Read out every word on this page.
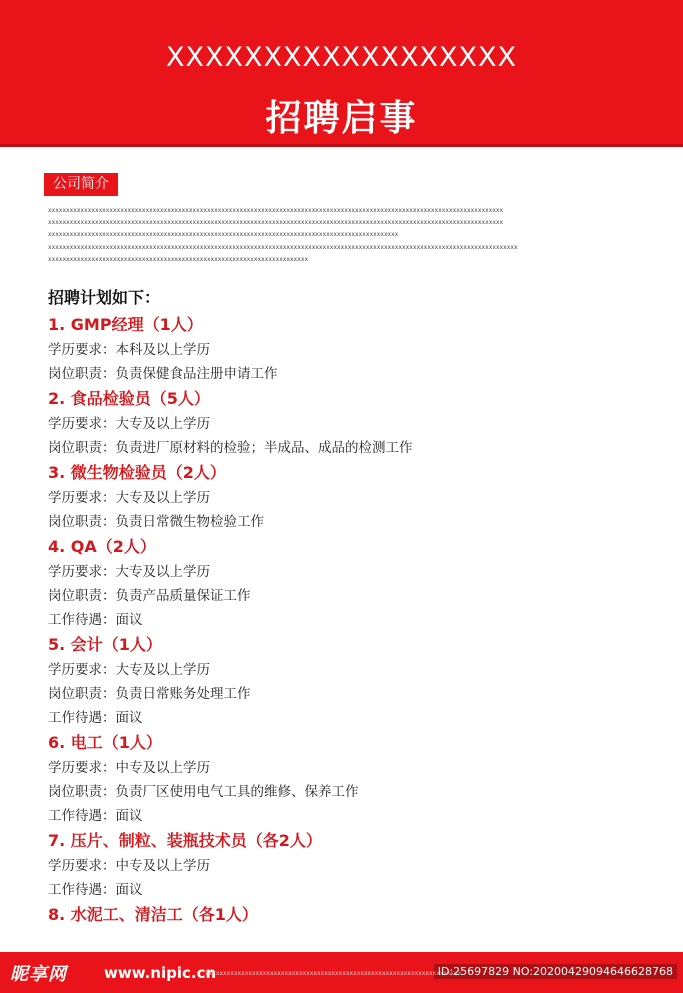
XXXXXXXXXXXXXXXXXX
招聘启事
公司简介
xxxxxxxxxxxxxxxxxxxxxxxxxxxxxxxxxxxxxxxxxxxxxxxxxxxxxxxxxxxxxxxxxxxxxxxxxxxxxxxxxxxxxxxxxxxxxxxxxxxxxxxxxxxxxxxxxxxxxxxxxxxxxx
xxxxxxxxxxxxxxxxxxxxxxxxxxxxxxxxxxxxxxxxxxxxxxxxxxxxxxxxxxxxxxxxxxxxxxxxxxxxxxxxxxxxxxxxxxxxxxxxxxxxxxxxxxxxxxxxxxxxxxxxxxxxxx
xxxxxxxxxxxxxxxxxxxxxxxxxxxxxxxxxxxxxxxxxxxxxxxxxxxxxxxxxxxxxxxxxxxxxxxxxxxxxxxxxxxxxxxxxxxxxxxxx
xxxxxxxxxxxxxxxxxxxxxxxxxxxxxxxxxxxxxxxxxxxxxxxxxxxxxxxxxxxxxxxxxxxxxxxxxxxxxxxxxxxxxxxxxxxxxxxxxxxxxxxxxxxxxxxxxxxxxxxxxxxxxxxxxx
xxxxxxxxxxxxxxxxxxxxxxxxxxxxxxxxxxxxxxxxxxxxxxxxxxxxxxxxxxxxxxxxxxxxxxxx
招聘计划如下：
1. GMP经理（1人）
学历要求：本科及以上学历
岗位职责：负责保健食品注册申请工作
2. 食品检验员（5人）
学历要求：大专及以上学历
岗位职责：负责进厂原材料的检验；半成品、成品的检测工作
3. 微生物检验员（2人）
学历要求：大专及以上学历
岗位职责：负责日常微生物检验工作
4. QA（2人）
学历要求：大专及以上学历
岗位职责：负责产品质量保证工作
工作待遇：面议
5. 会计（1人）
学历要求：大专及以上学历
岗位职责：负责日常账务处理工作
工作待遇：面议
6. 电工（1人）
学历要求：中专及以上学历
岗位职责：负责厂区使用电气工具的维修、保养工作
工作待遇：面议
7. 压片、制粒、装瓶技术员（各2人）
学历要求：中专及以上学历
工作待遇：面议
8. 水泥工、清洁工（各1人）
昵享网 www.nipic.cn
xxxxxxxxxxxxxxxxxxxxxxxxxxxxxxxxxxxxxxxxxxxxxxxxxxxxxxxxxxxxxxxxxxxxxxx
ID:25697829 NO:20200429094646628768
